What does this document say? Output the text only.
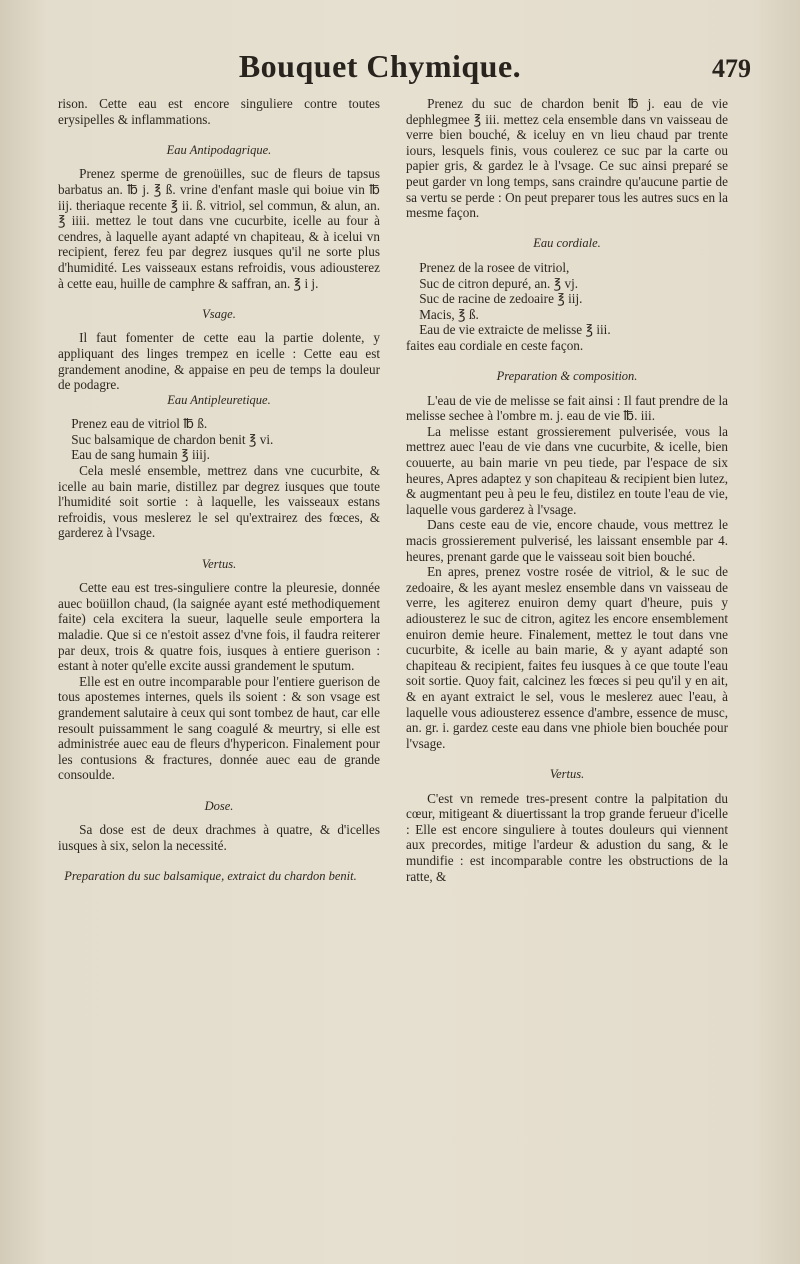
Bouquet Chymique.	479

rison. Cette eau est encore singuliere contre toutes erysipelles & inflammations.

Eau Antipodagrique.

Prenez sperme de grenoüilles, suc de fleurs de tapsus barbatus an. ℔ j. ℥ ß. vrine d'enfant masle qui boiue vin ℔ iij. theriaque recente ℥ ii. ß. vitriol, sel commun, & alun, an. ℥ iiii. mettez le tout dans vne cucurbite, icelle au four à cendres, à laquelle ayant adapté vn chapiteau, & à icelui vn recipient, ferez feu par degrez iusques qu'il ne sorte plus d'humidité. Les vaisseaux estans refroidis, vous adiousterez à cette eau, huille de camphre & saffran, an. ℥ i j.

Vsage.

Il faut fomenter de cette eau la partie dolente, y appliquant des linges trempez en icelle : Cette eau est grandement anodine, & appaise en peu de temps la douleur de podagre.

Eau Antipleuretique.

Prenez eau de vitriol ℔ ß.

Suc balsamique de chardon benit ℥ vi.

Eau de sang humain ℥ iiij.

Cela meslé ensemble, mettrez dans vne cucurbite, & icelle au bain marie, distillez par degrez iusques que toute l'humidité soit sortie : à laquelle, les vaisseaux estans refroidis, vous meslerez le sel qu'extrairez des fœces, & garderez à l'vsage.

Vertus.

Cette eau est tres-singuliere contre la pleuresie, donnée auec boüillon chaud, (la saignée ayant esté methodiquement faite) cela excitera la sueur, laquelle seule emportera la maladie. Que si ce n'estoit assez d'vne fois, il faudra reiterer par deux, trois & quatre fois, iusques à entiere guerison : estant à noter qu'elle excite aussi grandement le sputum.

Elle est en outre incomparable pour l'entiere guerison de tous apostemes internes, quels ils soient : & son vsage est grandement salutaire à ceux qui sont tombez de haut, car elle resoult puissamment le sang coagulé & meurtry, si elle est administrée auec eau de fleurs d'hypericon. Finalement pour les contusions & fractures, donnée auec eau de grande consoulde.

Dose.

Sa dose est de deux drachmes à quatre, & d'icelles iusques à six, selon la necessité.

Preparation du suc balsamique, extraict du chardon benit.

Prenez du suc de chardon benit ℔ j. eau de vie dephlegmee ℥ iii. mettez cela ensemble dans vn vaisseau de verre bien bouché, & iceluy en vn lieu chaud par trente iours, lesquels finis, vous coulerez ce suc par la carte ou papier gris, & gardez le à l'vsage. Ce suc ainsi preparé se peut garder vn long temps, sans craindre qu'aucune partie de sa vertu se perde : On peut preparer tous les autres sucs en la mesme façon.

Eau cordiale.

Prenez de la rosee de vitriol,

Suc de citron depuré, an. ℥ vj.

Suc de racine de zedoaire ℥ iij.

Macis, ℥ ß.

Eau de vie extraicte de melisse ℥ iii.

faites eau cordiale en ceste façon.

Preparation & composition.

L'eau de vie de melisse se fait ainsi : Il faut prendre de la melisse sechee à l'ombre m. j. eau de vie ℔. iii.

La melisse estant grossierement pulverisée, vous la mettrez auec l'eau de vie dans vne cucurbite, & icelle, bien couuerte, au bain marie vn peu tiede, par l'espace de six heures, Apres adaptez y son chapiteau & recipient bien lutez, & augmentant peu à peu le feu, distilez en toute l'eau de vie, laquelle vous garderez à l'vsage.

Dans ceste eau de vie, encore chaude, vous mettrez le macis grossierement pulverisé, les laissant ensemble par 4. heures, prenant garde que le vaisseau soit bien bouché.

En apres, prenez vostre rosée de vitriol, & le suc de zedoaire, & les ayant meslez ensemble dans vn vaisseau de verre, les agiterez enuiron demy quart d'heure, puis y adiousterez le suc de citron, agitez les encore ensemblement enuiron demie heure. Finalement, mettez le tout dans vne cucurbite, & icelle au bain marie, & y ayant adapté son chapiteau & recipient, faites feu iusques à ce que toute l'eau soit sortie. Quoy fait, calcinez les fœces si peu qu'il y en ait, & en ayant extraict le sel, vous le meslerez auec l'eau, à laquelle vous adiousterez essence d'ambre, essence de musc, an. gr. i. gardez ceste eau dans vne phiole bien bouchée pour l'vsage.

Vertus.

C'est vn remede tres-present contre la palpitation du cœur, mitigeant & diuertissant la trop grande ferueur d'icelle : Elle est encore singuliere à toutes douleurs qui viennent aux precordes, mitige l'ardeur & adustion du sang, & le mundifie : est incomparable contre les obstructions de la ratte, &
